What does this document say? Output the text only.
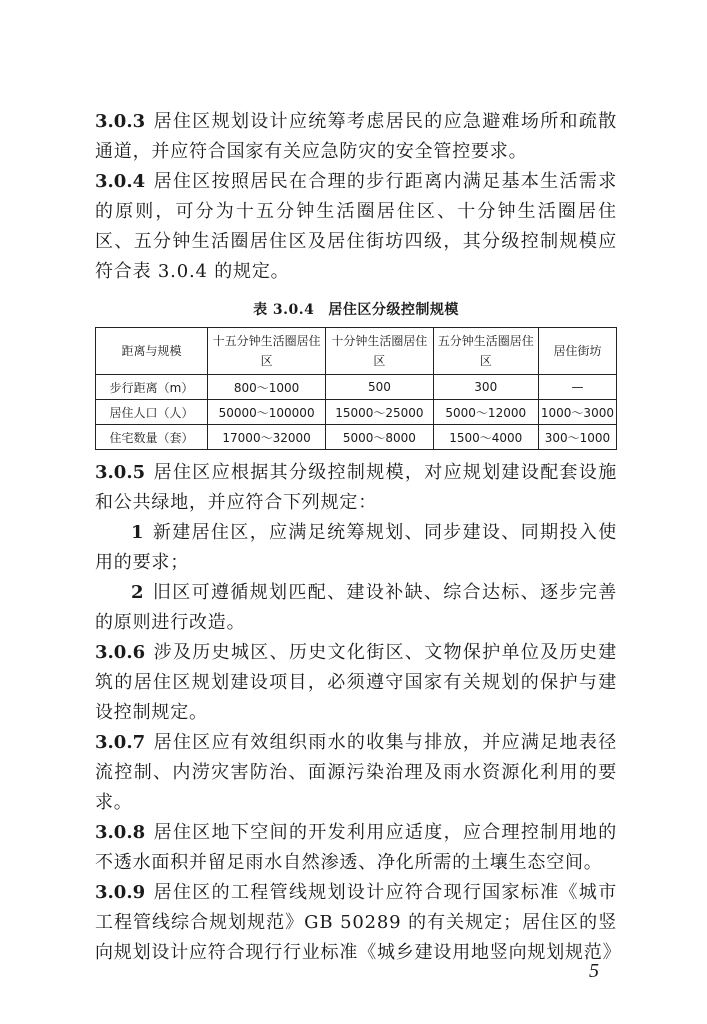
3.0.3 居住区规划设计应统筹考虑居民的应急避难场所和疏散通道，并应符合国家有关应急防灾的安全管控要求。

3.0.4 居住区按照居民在合理的步行距离内满足基本生活需求的原则，可分为十五分钟生活圈居住区、十分钟生活圈居住区、五分钟生活圈居住区及居住街坊四级，其分级控制规模应符合表 3.0.4 的规定。

表 3.0.4 居住区分级控制规模
距离与规模	十五分钟生活圈居住区	十分钟生活圈居住区	五分钟生活圈居住区	居住街坊
步行距离（m）	800～1000	500	300	—
居住人口（人）	50000～100000	15000～25000	5000～12000	1000～3000
住宅数量（套）	17000～32000	5000～8000	1500～4000	300～1000

3.0.5 居住区应根据其分级控制规模，对应规划建设配套设施和公共绿地，并应符合下列规定：

1 新建居住区，应满足统筹规划、同步建设、同期投入使用的要求；

2 旧区可遵循规划匹配、建设补缺、综合达标、逐步完善的原则进行改造。

3.0.6 涉及历史城区、历史文化街区、文物保护单位及历史建筑的居住区规划建设项目，必须遵守国家有关规划的保护与建设控制规定。

3.0.7 居住区应有效组织雨水的收集与排放，并应满足地表径流控制、内涝灾害防治、面源污染治理及雨水资源化利用的要求。

3.0.8 居住区地下空间的开发利用应适度，应合理控制用地的不透水面积并留足雨水自然渗透、净化所需的土壤生态空间。

3.0.9 居住区的工程管线规划设计应符合现行国家标准《城市工程管线综合规划规范》GB 50289 的有关规定；居住区的竖向规划设计应符合现行行业标准《城乡建设用地竖向规划规范》

5
